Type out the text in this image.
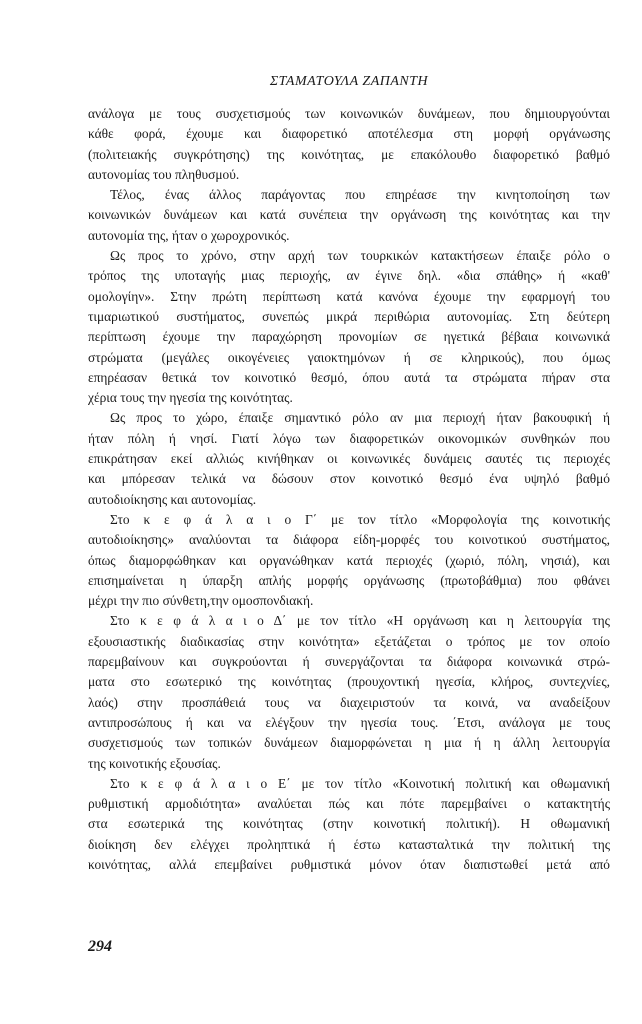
ΣΤΑΜΑΤΟΥΛΑ ΖΑΠΑΝΤΗ
ανάλογα με τους συσχετισμούς των κοινωνικών δυνάμεων, που δημιουργούνται
κάθε φορά, έχουμε και διαφορετικό αποτέλεσμα στη μορφή οργάνωσης
(πολιτειακής συγκρότησης) της κοινότητας, με επακόλουθο διαφορετικό βαθμό
αυτονομίας του πληθυσμού.
Τέλος, ένας άλλος παράγοντας που επηρέασε την κινητοποίηση των
κοινωνικών δυνάμεων και κατά συνέπεια την οργάνωση της κοινότητας και την
αυτονομία της, ήταν ο χωροχρονικός.
Ως προς το χρόνο, στην αρχή των τουρκικών κατακτήσεων έπαιξε ρόλο ο
τρόπος της υποταγής μιας περιοχής, αν έγινε δηλ. «δια σπάθης» ή «καθ'
ομολογίην». Στην πρώτη περίπτωση κατά κανόνα έχουμε την εφαρμογή του
τιμαριωτικού συστήματος, συνεπώς μικρά περιθώρια αυτονομίας. Στη δεύτερη
περίπτωση έχουμε την παραχώρηση προνομίων σε ηγετικά βέβαια κοινωνικά
στρώματα (μεγάλες οικογένειες γαιοκτημόνων ή σε κληρικούς), που όμως
επηρέασαν θετικά τον κοινοτικό θεσμό, όπου αυτά τα στρώματα πήραν στα
χέρια τους την ηγεσία της κοινότητας.
Ως προς το χώρο, έπαιξε σημαντικό ρόλο αν μια περιοχή ήταν βακουφική ή
ήταν πόλη ή νησί. Γιατί λόγω των διαφορετικών οικονομικών συνθηκών που
επικράτησαν εκεί αλλιώς κινήθηκαν οι κοινωνικές δυνάμεις σαυτές τις περιοχές
και μπόρεσαν τελικά να δώσουν στον κοινοτικό θεσμό ένα υψηλό βαθμό
αυτοδιοίκησης και αυτονομίας.
Στο κ ε φ ά λ α ι ο Γ΄ με τον τίτλο «Μορφολογία της κοινοτικής
αυτοδιοίκησης» αναλύονται τα διάφορα είδη-μορφές του κοινοτικού συστήματος,
όπως διαμορφώθηκαν και οργανώθηκαν κατά περιοχές (χωριό, πόλη, νησιά), και
επισημαίνεται η ύπαρξη απλής μορφής οργάνωσης (πρωτοβάθμια) που φθάνει
μέχρι την πιο σύνθετη,την ομοσπονδιακή.
Στο κ ε φ ά λ α ι ο Δ΄ με τον τίτλο «Η οργάνωση και η λειτουργία της
εξουσιαστικής διαδικασίας στην κοινότητα» εξετάζεται ο τρόπος με τον οποίο
παρεμβαίνουν και συγκρούονται ή συνεργάζονται τα διάφορα κοινωνικά στρώ-
ματα στο εσωτερικό της κοινότητας (προυχοντική ηγεσία, κλήρος, συντεχνίες,
λαός) στην προσπάθειά τους να διαχειριστούν τα κοινά, να αναδείξουν
αντιπροσώπους ή και να ελέγξουν την ηγεσία τους. ΄Ετσι, ανάλογα με τους
συσχετισμούς των τοπικών δυνάμεων διαμορφώνεται η μια ή η άλλη λειτουργία
της κοινοτικής εξουσίας.
Στο κ ε φ ά λ α ι ο Ε΄ με τον τίτλο «Κοινοτική πολιτική και οθωμανική
ρυθμιστική αρμοδιότητα» αναλύεται πώς και πότε παρεμβαίνει ο κατακτητής
στα εσωτερικά της κοινότητας (στην κοινοτική πολιτική). Η οθωμανική
διοίκηση δεν ελέγχει προληπτικά ή έστω κατασταλτικά την πολιτική της
κοινότητας, αλλά επεμβαίνει ρυθμιστικά μόνον όταν διαπιστωθεί μετά από
294
